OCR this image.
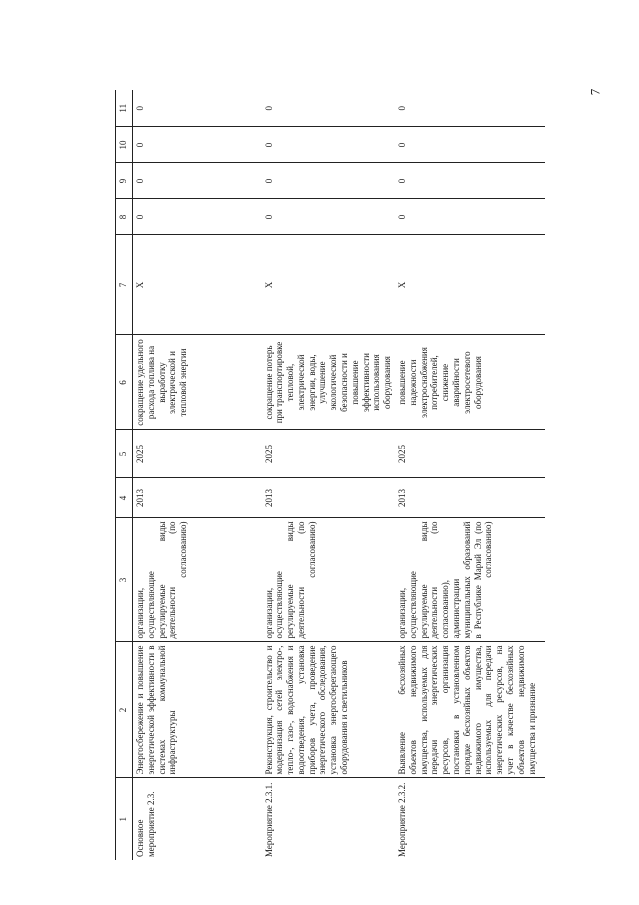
7
1	2	3	4	5	6	7	8	9	10	11
Основное мероприятие 2.3.	Энергосбережение и повышение энергетической эффективности в системах коммунальной инфраструктуры	организации, осуществляющие регулируемые виды деятельности (по согласованию)	2013	2025	сокращение удельного расхода топлива на выработку электрической и тепловой энергии	X	0	0	0	0
Мероприятие 2.3.1.	Реконструкция, строительство и модернизация сетей электро-, тепло-, газо-, водоснабжения и водоотведения, установка приборов учета, проведение энергетического обследования, установка энергосберегающего оборудования и светильников	организации, осуществляющие регулируемые виды деятельности (по согласованию)	2013	2025	сокращение потерь при транспортировке тепловой, электрической энергии, воды, улучшение экологической безопасности и повышение эффективности использования оборудования	X	0	0	0	0
Мероприятие 2.3.2.	Выявление бесхозяйных объектов недвижимого имущества, используемых для передачи энергетических ресурсов, организация постановки в установленном порядке бесхозяйных объектов недвижимого имущества, используемых для передачи энергетических ресурсов, на учет в качестве бесхозяйных объектов недвижимого имущества и признание	организации, осуществляющие регулируемые виды деятельности (по согласованию), администрации муниципальных образований в Республике Марий Эл (по согласованию)	2013	2025	повышение надежности электроснабжения потребителей, снижение аварийности электросетевого оборудования	X	0	0	0	0
